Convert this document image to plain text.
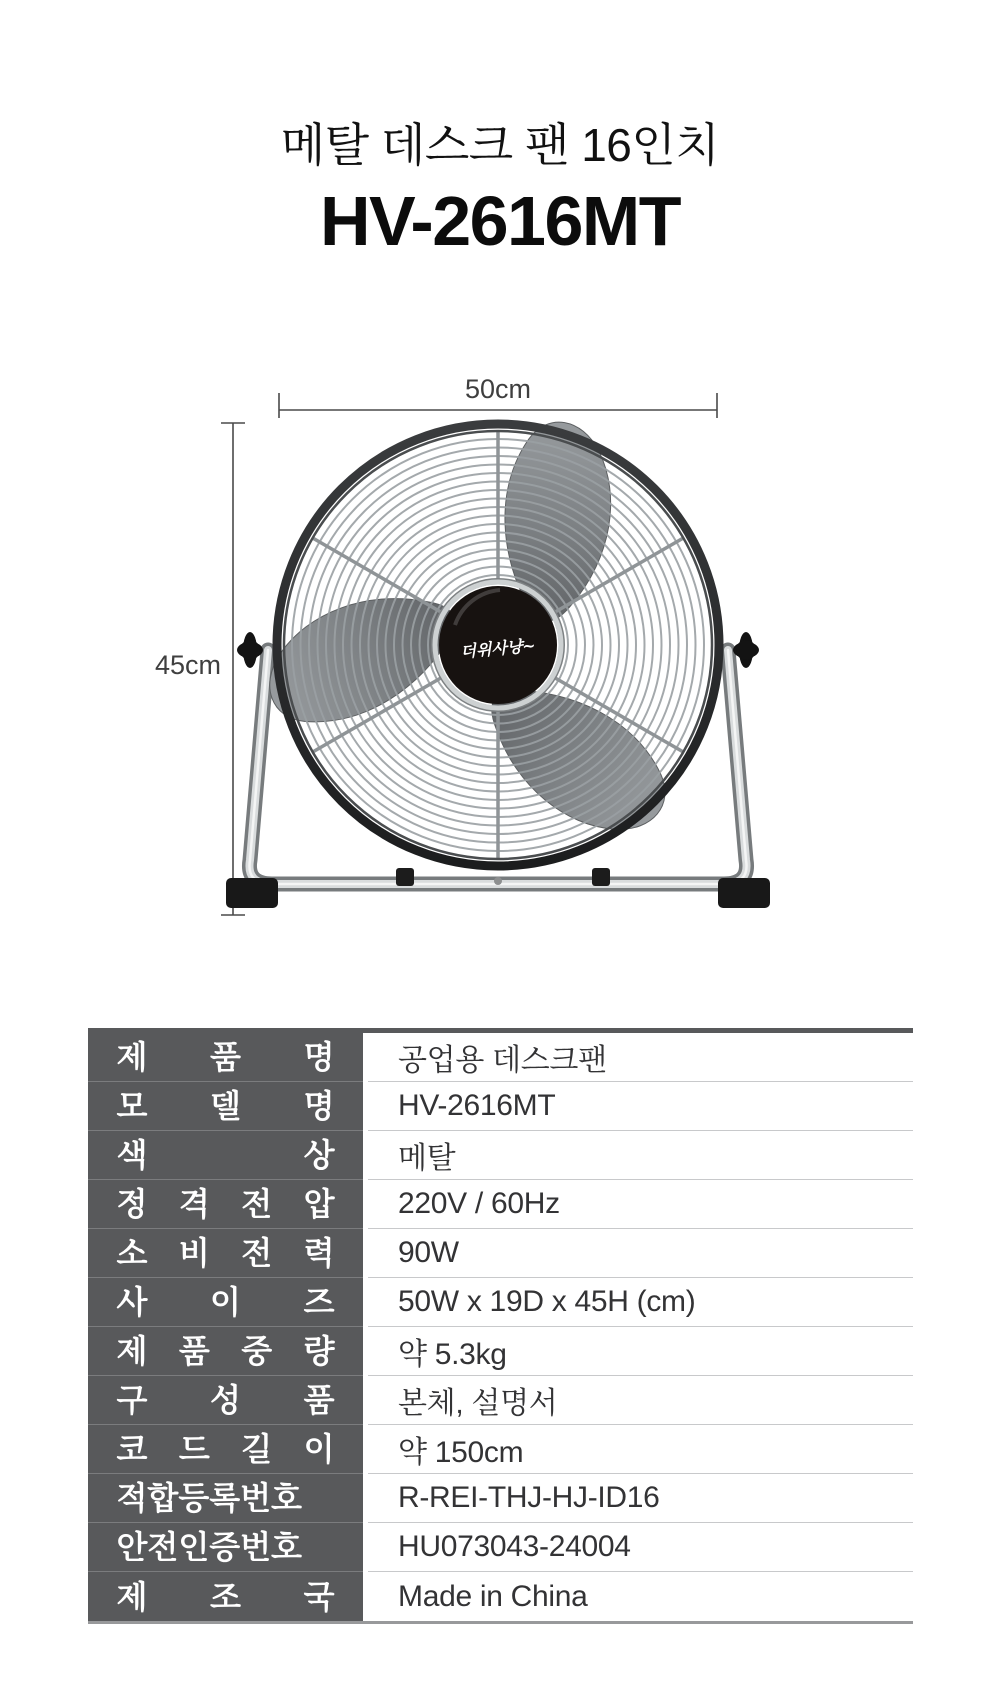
메탈 데스크 팬 16인치
HV-2616MT
50cm
45cm
더위사냥~
제 품 명 공업용 데스크팬
모 델 명 HV-2616MT
색 상 메탈
정 격 전 압 220V / 60Hz
소 비 전 력 90W
사 이 즈 50W x 19D x 45H (cm)
제 품 중 량 약 5.3kg
구 성 품 본체, 설명서
코 드 길 이 약 150cm
적합등록번호	R-REI-THJ-HJ-ID16
안전인증번호	HU073043-24004
제 조 국 Made in China
